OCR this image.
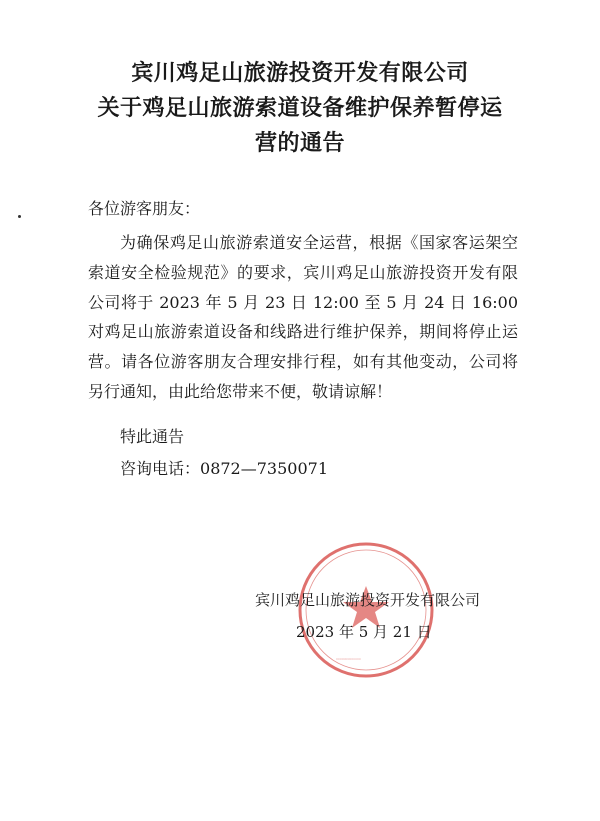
宾川鸡足山旅游投资开发有限公司
关于鸡足山旅游索道设备维护保养暂停运
营的通告
各位游客朋友：
为确保鸡足山旅游索道安全运营，根据《国家客运架空索道安全检验规范》的要求，宾川鸡足山旅游投资开发有限公司将于 2023 年 5 月 23 日 12:00 至 5 月 24 日 16:00 对鸡足山旅游索道设备和线路进行维护保养，期间将停止运营。请各位游客朋友合理安排行程，如有其他变动，公司将另行通知，由此给您带来不便，敬请谅解！
特此通告
咨询电话：0872—7350071
0000000000000
宾川鸡足山旅游投资开发有限公司
2023 年 5 月 21 日
